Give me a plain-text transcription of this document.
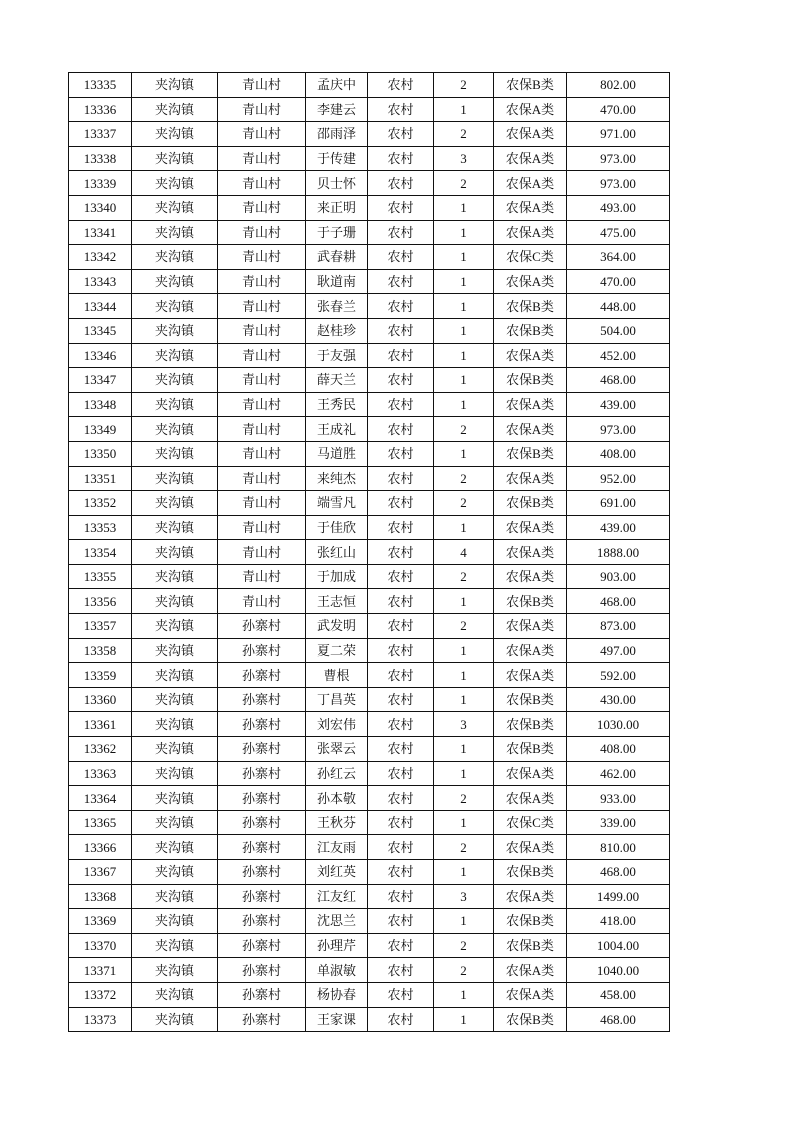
13335	夹沟镇	青山村	孟庆中	农村	2	农保B类	802.00
13336	夹沟镇	青山村	李建云	农村	1	农保A类	470.00
13337	夹沟镇	青山村	邵雨泽	农村	2	农保A类	971.00
13338	夹沟镇	青山村	于传建	农村	3	农保A类	973.00
13339	夹沟镇	青山村	贝士怀	农村	2	农保A类	973.00
13340	夹沟镇	青山村	来正明	农村	1	农保A类	493.00
13341	夹沟镇	青山村	于子珊	农村	1	农保A类	475.00
13342	夹沟镇	青山村	武春耕	农村	1	农保C类	364.00
13343	夹沟镇	青山村	耿道南	农村	1	农保A类	470.00
13344	夹沟镇	青山村	张春兰	农村	1	农保B类	448.00
13345	夹沟镇	青山村	赵桂珍	农村	1	农保B类	504.00
13346	夹沟镇	青山村	于友强	农村	1	农保A类	452.00
13347	夹沟镇	青山村	薛天兰	农村	1	农保B类	468.00
13348	夹沟镇	青山村	王秀民	农村	1	农保A类	439.00
13349	夹沟镇	青山村	王成礼	农村	2	农保A类	973.00
13350	夹沟镇	青山村	马道胜	农村	1	农保B类	408.00
13351	夹沟镇	青山村	来纯杰	农村	2	农保A类	952.00
13352	夹沟镇	青山村	端雪凡	农村	2	农保B类	691.00
13353	夹沟镇	青山村	于佳欣	农村	1	农保A类	439.00
13354	夹沟镇	青山村	张红山	农村	4	农保A类	1888.00
13355	夹沟镇	青山村	于加成	农村	2	农保A类	903.00
13356	夹沟镇	青山村	王志恒	农村	1	农保B类	468.00
13357	夹沟镇	孙寨村	武发明	农村	2	农保A类	873.00
13358	夹沟镇	孙寨村	夏二荣	农村	1	农保A类	497.00
13359	夹沟镇	孙寨村	曹根	农村	1	农保A类	592.00
13360	夹沟镇	孙寨村	丁昌英	农村	1	农保B类	430.00
13361	夹沟镇	孙寨村	刘宏伟	农村	3	农保B类	1030.00
13362	夹沟镇	孙寨村	张翠云	农村	1	农保B类	408.00
13363	夹沟镇	孙寨村	孙红云	农村	1	农保A类	462.00
13364	夹沟镇	孙寨村	孙本敬	农村	2	农保A类	933.00
13365	夹沟镇	孙寨村	王秋芬	农村	1	农保C类	339.00
13366	夹沟镇	孙寨村	江友雨	农村	2	农保A类	810.00
13367	夹沟镇	孙寨村	刘红英	农村	1	农保B类	468.00
13368	夹沟镇	孙寨村	江友红	农村	3	农保A类	1499.00
13369	夹沟镇	孙寨村	沈思兰	农村	1	农保B类	418.00
13370	夹沟镇	孙寨村	孙理芹	农村	2	农保B类	1004.00
13371	夹沟镇	孙寨村	单淑敏	农村	2	农保A类	1040.00
13372	夹沟镇	孙寨村	杨协春	农村	1	农保A类	458.00
13373	夹沟镇	孙寨村	王家课	农村	1	农保B类	468.00
